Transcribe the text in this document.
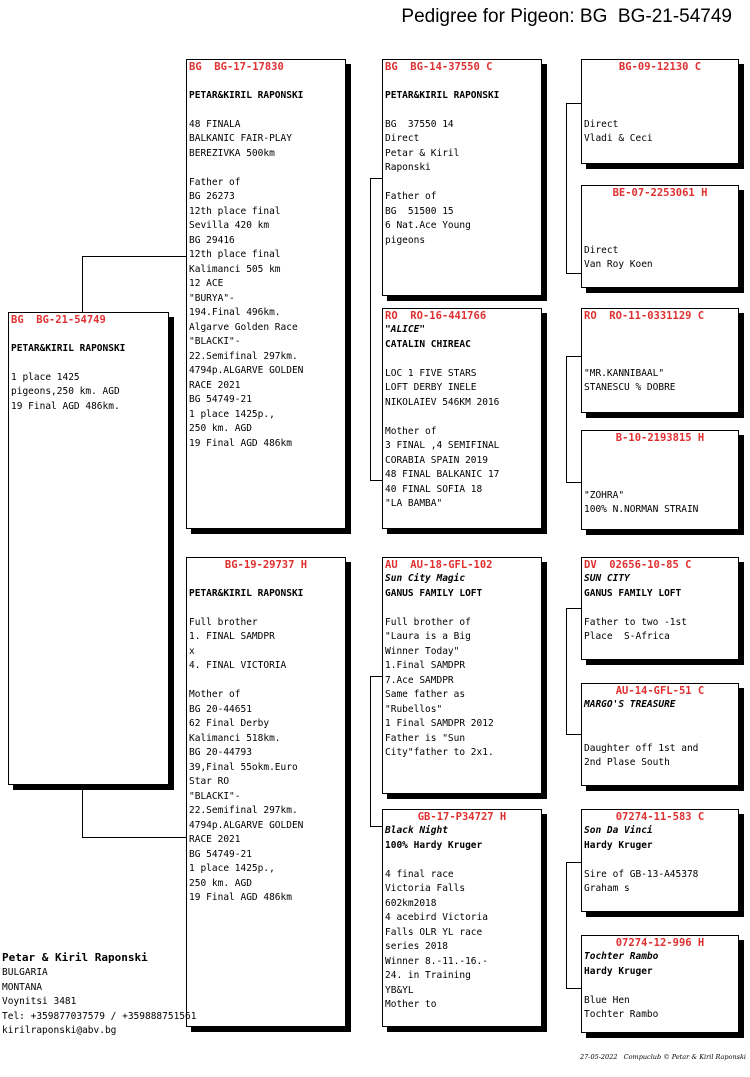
Pedigree for Pigeon: BG  BG-21-54749
BG  BG-21-54749
PETAR&KIRIL RAPONSKI
1 place 1425
pigeons,250 km. AGD
19 Final AGD 486km.
BG  BG-17-17830
PETAR&KIRIL RAPONSKI
48 FINALA
BALKANIC FAIR-PLAY
BEREZIVKA 500km
Father of
BG 26273
12th place final
Sevilla 420 km
BG 29416
12th place final
Kalimanci 505 km
12 ACE
"BURYA"-
194.Final 496km.
Algarve Golden Race
"BLACKI"-
22.Semifinal 297km.
4794p.ALGARVE GOLDEN
RACE 2021
BG 54749-21
1 place 1425p.,
250 km. AGD
19 Final AGD 486km
BG-19-29737 H
PETAR&KIRIL RAPONSKI
Full brother
1. FINAL SAMDPR
x
4. FINAL VICTORIA
Mother of
BG 20-44651
62 Final Derby
Kalimanci 518km.
BG 20-44793
39,Final 55okm.Euro
Star RO
"BLACKI"-
22.Semifinal 297km.
4794p.ALGARVE GOLDEN
RACE 2021
BG 54749-21
1 place 1425p.,
250 km. AGD
19 Final AGD 486km
BG  BG-14-37550 C
PETAR&KIRIL RAPONSKI
BG  37550 14
Direct
Petar & Kiril
Raponski
Father of
BG  51500 15
6 Nat.Ace Young
pigeons
RO  RO-16-441766
"ALICE"
CATALIN CHIREAC
LOC 1 FIVE STARS
LOFT DERBY INELE
NIKOLAIEV 546KM 2016
Mother of
3 FINAL ,4 SEMIFINAL
CORABIA SPAIN 2019
48 FINAL BALKANIC 17
40 FINAL SOFIA 18
"LA BAMBA"
AU  AU-18-GFL-102
Sun City Magic
GANUS FAMILY LOFT
Full brother of
"Laura is a Big
Winner Today"
1.Final SAMDPR
7.Ace SAMDPR
Same father as
"Rubellos"
1 Final SAMDPR 2012
Father is "Sun
City"father to 2x1.
GB-17-P34727 H
Black Night
100% Hardy Kruger
4 final race
Victoria Falls
602km2018
4 acebird Victoria
Falls OLR YL race
series 2018
Winner 8.-11.-16.-
24. in Training
YB&YL
Mother to
BG-09-12130 C
Direct
Vladi & Ceci
BE-07-2253061 H
Direct
Van Roy Koen
RO  RO-11-0331129 C
"MR.KANNIBAAL"
STANESCU % DOBRE
B-10-2193815 H
"ZOHRA"
100% N.NORMAN STRAIN
DV  02656-10-85 C
SUN CITY
GANUS FAMILY LOFT
Father to two -1st
Place  S-Africa
AU-14-GFL-51 C
MARGO'S TREASURE
Daughter off 1st and
2nd Plase South
07274-11-583 C
Son Da Vinci
Hardy Kruger
Sire of GB-13-A45378
Graham s
07274-12-996 H
Tochter Rambo
Hardy Kruger
Blue Hen
Tochter Rambo
Petar & Kiril Raponski
BULGARIA
MONTANA
Voynitsi 3481
Tel: +359877037579 / +359888751561
kirilraponski@abv.bg
27-05-2022   Compuclub © Petar & Kiril Raponski
